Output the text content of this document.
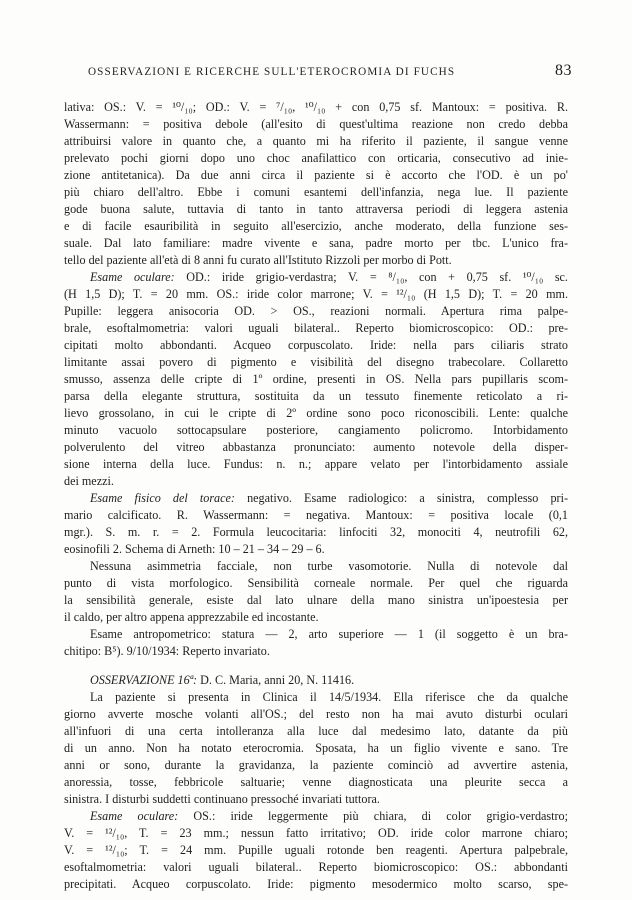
OSSERVAZIONI E RICERCHE SULL'ETEROCROMIA DI FUCHS	83
lativa: OS.: V. = ¹⁰/₁₀; OD.: V. = ⁷/₁₀, ¹⁰/₁₀ + con 0,75 sf. Mantoux: = positiva. R.
Wassermann: = positiva debole (all'esito di quest'ultima reazione non credo debba
attribuirsi valore in quanto che, a quanto mi ha riferito il paziente, il sangue venne
prelevato pochi giorni dopo uno choc anafilattico con orticaria, consecutivo ad inie-
zione antitetanica). Da due anni circa il paziente si è accorto che l'OD. è un po'
più chiaro dell'altro. Ebbe i comuni esantemi dell'infanzia, nega lue. Il paziente
gode buona salute, tuttavia di tanto in tanto attraversa periodi di leggera astenia
e di facile esauribilità in seguito all'esercizio, anche moderato, della funzione ses-
suale. Dal lato familiare: madre vivente e sana, padre morto per tbc. L'unico fra-
tello del paziente all'età di 8 anni fu curato all'Istituto Rizzoli per morbo di Pott.
Esame oculare: OD.: iride grigio-verdastra; V. = ⁸/₁₀, con + 0,75 sf. ¹⁰/₁₀ sc.
(H 1,5 D); T. = 20 mm. OS.: iride color marrone; V. = ¹²/₁₀ (H 1,5 D); T. = 20 mm.
Pupille: leggera anisocoria OD. > OS., reazioni normali. Apertura rima palpe-
brale, esoftalmometria: valori uguali bilateral.. Reperto biomicroscopico: OD.: pre-
cipitati molto abbondanti. Acqueo corpuscolato. Iride: nella pars ciliaris strato
limitante assai povero di pigmento e visibilità del disegno trabecolare. Collaretto
smusso, assenza delle cripte di 1º ordine, presenti in OS. Nella pars pupillaris scom-
parsa della elegante struttura, sostituita da un tessuto finemente reticolato a ri-
lievo grossolano, in cui le cripte di 2º ordine sono poco riconoscibili. Lente: qualche
minuto vacuolo sottocapsulare posteriore, cangiamento policromo. Intorbidamento
polverulento del vitreo abbastanza pronunciato: aumento notevole della disper-
sione interna della luce. Fundus: n. n.; appare velato per l'intorbidamento assiale
dei mezzi.
Esame fisico del torace: negativo. Esame radiologico: a sinistra, complesso pri-
mario calcificato. R. Wassermann: = negativa. Mantoux: = positiva locale (0,1
mgr.). S. m. r. = 2. Formula leucocitaria: linfociti 32, monociti 4, neutrofili 62,
eosinofili 2. Schema di Arneth: 10 – 21 – 34 – 29 – 6.
Nessuna asimmetria facciale, non turbe vasomotorie. Nulla di notevole dal
punto di vista morfologico. Sensibilità corneale normale. Per quel che riguarda
la sensibilità generale, esiste dal lato ulnare della mano sinistra un'ipoestesia per
il caldo, per altro appena apprezzabile ed incostante.
Esame antropometrico: statura — 2, arto superiore — 1 (il soggetto è un bra-
chitipo: B⁵). 9/10/1934: Reperto invariato.
OSSERVAZIONE 16ª: D. C. Maria, anni 20, N. 11416.
La paziente si presenta in Clinica il 14/5/1934. Ella riferisce che da qualche
giorno avverte mosche volanti all'OS.; del resto non ha mai avuto disturbi oculari
all'infuori di una certa intolleranza alla luce dal medesimo lato, datante da più
di un anno. Non ha notato eterocromia. Sposata, ha un figlio vivente e sano. Tre
anni or sono, durante la gravidanza, la paziente cominciò ad avvertire astenia,
anoressia, tosse, febbricole saltuarie; venne diagnosticata una pleurite secca a
sinistra. I disturbi suddetti continuano pressoché invariati tuttora.
Esame oculare: OS.: iride leggermente più chiara, di color grigio-verdastro;
V. = ¹²/₁₀, T. = 23 mm.; nessun fatto irritativo; OD. iride color marrone chiaro;
V. = ¹²/₁₀; T. = 24 mm. Pupille uguali rotonde ben reagenti. Apertura palpebrale,
esoftalmometria: valori uguali bilateral.. Reperto biomicroscopico: OS.: abbondanti
precipitati. Acqueo corpuscolato. Iride: pigmento mesodermico molto scarso, spe-
